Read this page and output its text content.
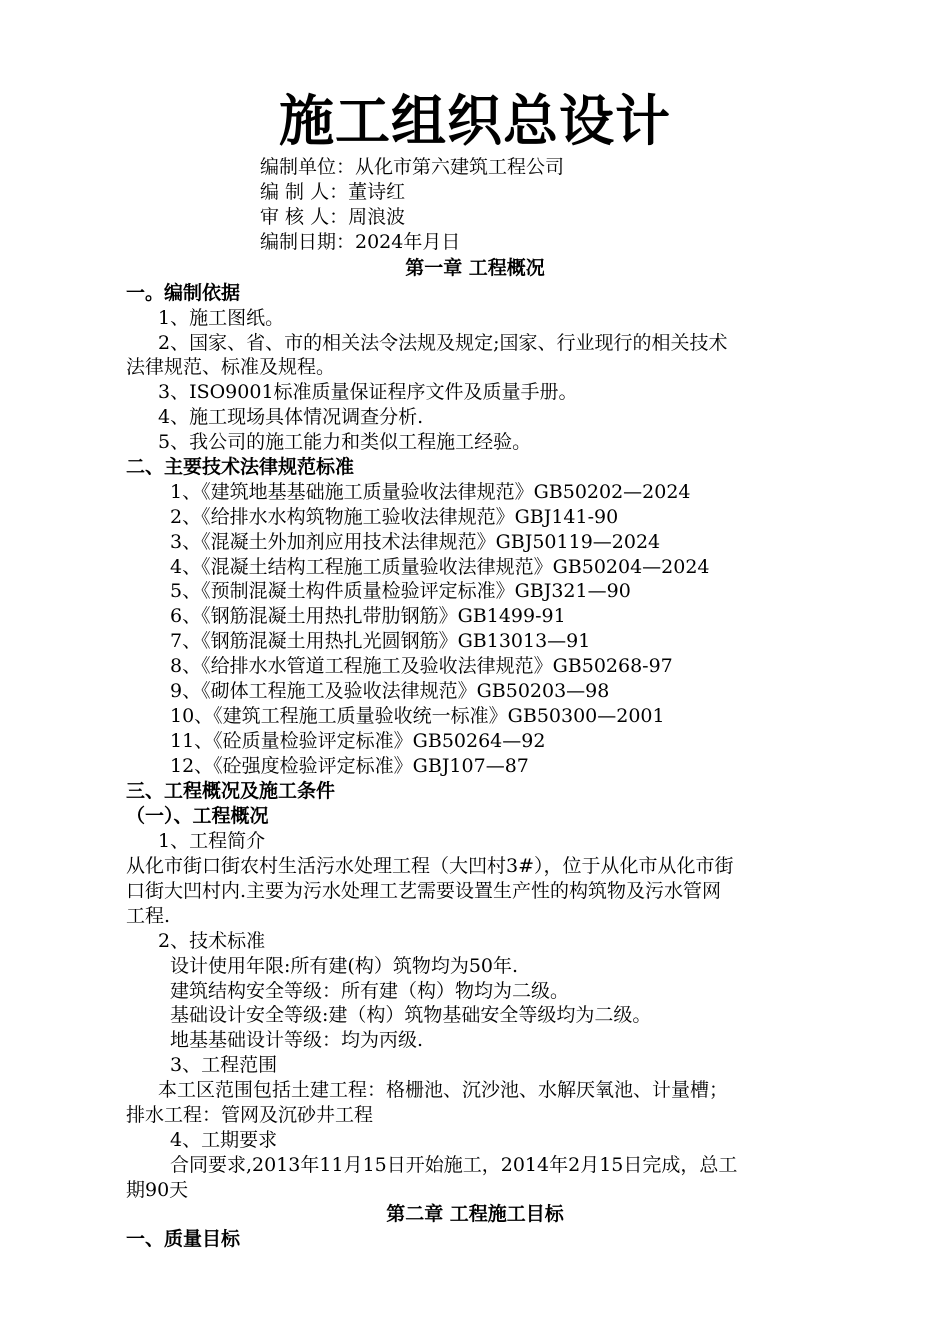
施工组织总设计
编制单位：从化市第六建筑工程公司
编 制 人：董诗红
审 核 人：周浪波
编制日期：2024年月日
第一章 工程概况
一。编制依据
1、施工图纸。
2、国家、省、市的相关法令法规及规定;国家、行业现行的相关技术
法律规范、标准及规程。
3、ISO9001标准质量保证程序文件及质量手册。
4、施工现场具体情况调查分析.
5、我公司的施工能力和类似工程施工经验。
二、主要技术法律规范标准
1、《建筑地基基础施工质量验收法律规范》GB50202—2024
2、《给排水水构筑物施工验收法律规范》GBJ141-90
3、《混凝土外加剂应用技术法律规范》GBJ50119—2024
4、《混凝土结构工程施工质量验收法律规范》GB50204—2024
5、《预制混凝土构件质量检验评定标准》GBJ321—90
6、《钢筋混凝土用热扎带肋钢筋》GB1499-91
7、《钢筋混凝土用热扎光圆钢筋》GB13013—91
8、《给排水水管道工程施工及验收法律规范》GB50268-97
9、《砌体工程施工及验收法律规范》GB50203—98
10、《建筑工程施工质量验收统一标准》GB50300—2001
11、《砼质量检验评定标准》GB50264—92
12、《砼强度检验评定标准》GBJ107—87
三、工程概况及施工条件
（一）、工程概况
1、工程简介
从化市街口街农村生活污水处理工程（大凹村3#），位于从化市从化市街
口街大凹村内.主要为污水处理工艺需要设置生产性的构筑物及污水管网
工程.
2、技术标准
设计使用年限:所有建(构）筑物均为50年.
建筑结构安全等级：所有建（构）物均为二级。
基础设计安全等级:建（构）筑物基础安全等级均为二级。
地基基础设计等级：均为丙级.
3、工程范围
本工区范围包括土建工程：格栅池、沉沙池、水解厌氧池、计量槽；
排水工程：管网及沉砂井工程
4、工期要求
合同要求,2013年11月15日开始施工，2014年2月15日完成，总工
期90天
第二章 工程施工目标
一、质量目标
